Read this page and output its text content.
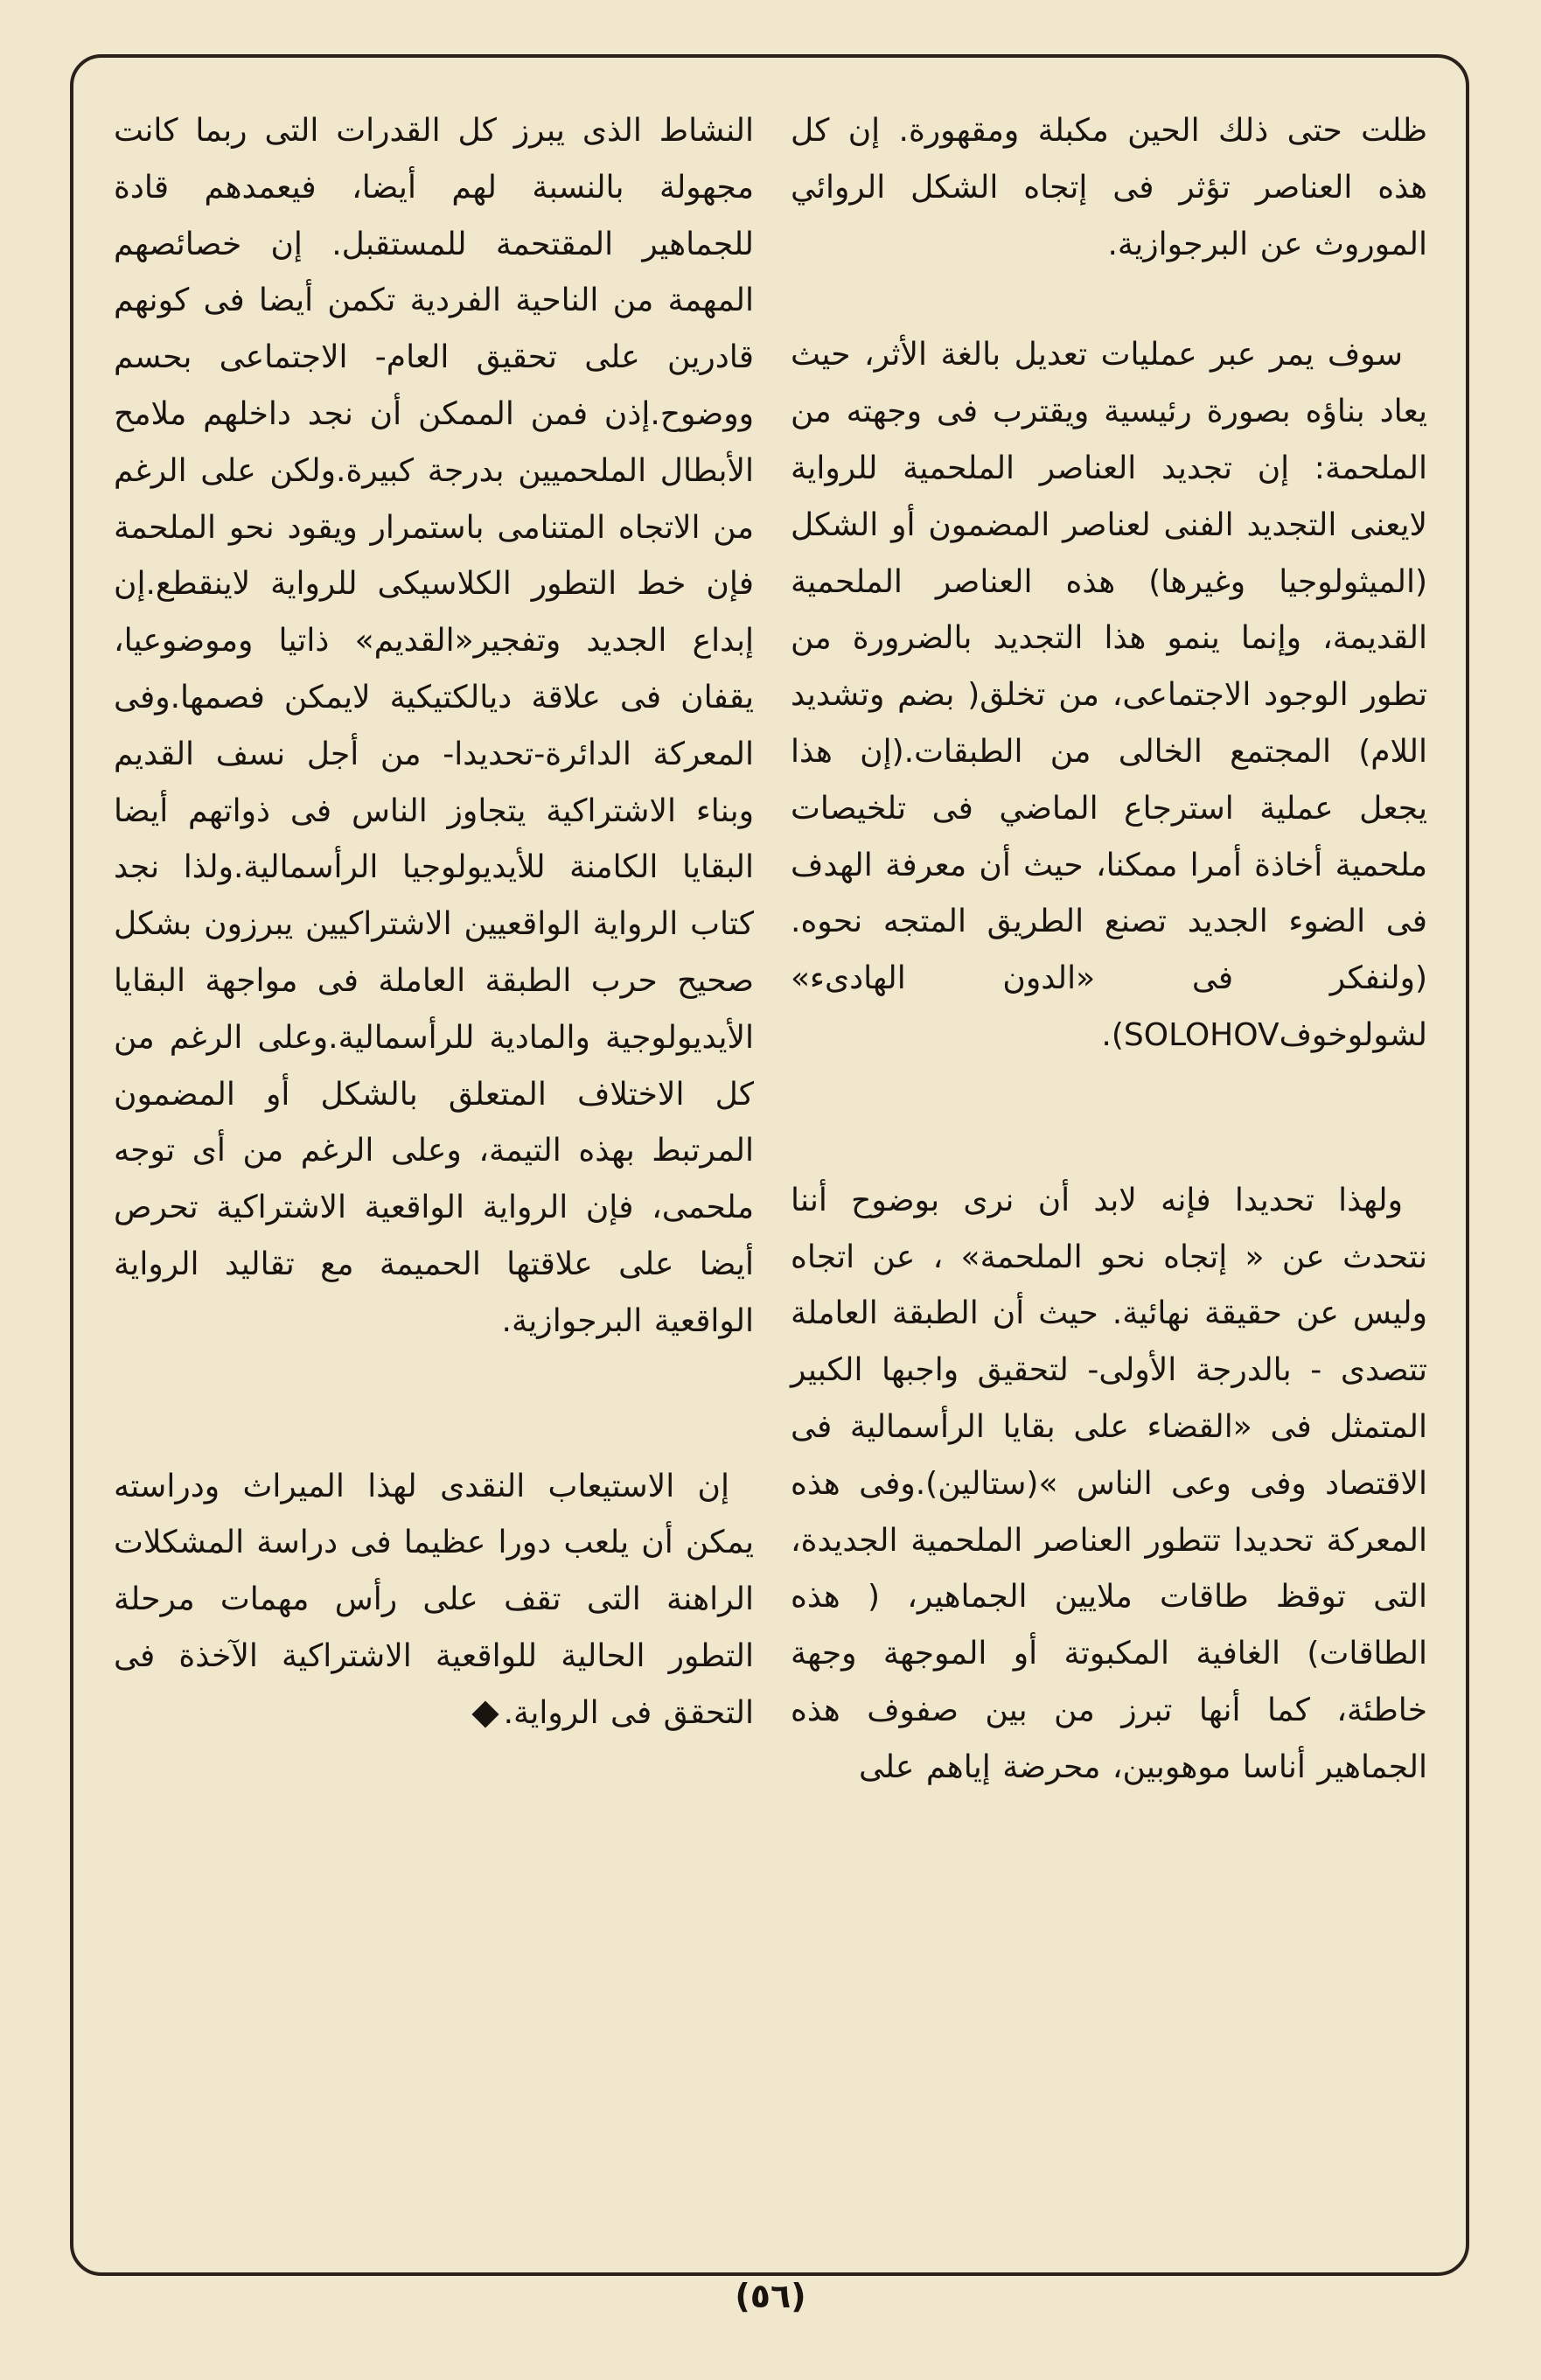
ظلت حتى ذلك الحين مكبلة ومقهورة. إن كل هذه العناصر تؤثر فى إتجاه الشكل الروائي الموروث عن البرجوازية.

سوف يمر عبر عمليات تعديل بالغة الأثر، حيث يعاد بناؤه بصورة رئيسية ويقترب فى وجهته من الملحمة: إن تجديد العناصر الملحمية للرواية لايعنى التجديد الفنى لعناصر المضمون أو الشكل (الميثولوجيا وغيرها) هذه العناصر الملحمية القديمة، وإنما ينمو هذا التجديد بالضرورة من تطور الوجود الاجتماعى، من تخلق( بضم وتشديد اللام) المجتمع الخالى من الطبقات.(إن هذا يجعل عملية استرجاع الماضي فى تلخيصات ملحمية أخاذة أمرا ممكنا، حيث أن معرفة الهدف فى الضوء الجديد تصنع الطريق المتجه نحوه.(ولنفكر فى «الدون الهادىء» لشولوخوفSOLOHOV).

ولهذا تحديدا فإنه لابد أن نرى بوضوح أننا نتحدث عن « إتجاه نحو الملحمة» ، عن اتجاه وليس عن حقيقة نهائية. حيث أن الطبقة العاملة تتصدى - بالدرجة الأولى- لتحقيق واجبها الكبير المتمثل فى «القضاء على بقايا الرأسمالية فى الاقتصاد وفى وعى الناس »(ستالين).وفى هذه المعركة تحديدا تتطور العناصر الملحمية الجديدة، التى توقظ طاقات ملايين الجماهير، ( هذه الطاقات) الغافية المكبوتة أو الموجهة وجهة خاطئة، كما أنها تبرز من بين صفوف هذه الجماهير أناسا موهوبين، محرضة إياهم على

النشاط الذى يبرز كل القدرات التى ربما كانت مجهولة بالنسبة لهم أيضا، فيعمدهم قادة للجماهير المقتحمة للمستقبل. إن خصائصهم المهمة من الناحية الفردية تكمن أيضا فى كونهم قادرين على تحقيق العام- الاجتماعى بحسم ووضوح.إذن فمن الممكن أن نجد داخلهم ملامح الأبطال الملحميين بدرجة كبيرة.ولكن على الرغم من الاتجاه المتنامى باستمرار ويقود نحو الملحمة فإن خط التطور الكلاسيكى للرواية لاينقطع.إن إبداع الجديد وتفجير«القديم» ذاتيا وموضوعيا، يقفان فى علاقة ديالكتيكية لايمكن فصمها.وفى المعركة الدائرة-تحديدا- من أجل نسف القديم وبناء الاشتراكية يتجاوز الناس فى ذواتهم أيضا البقايا الكامنة للأيديولوجيا الرأسمالية.ولذا نجد كتاب الرواية الواقعيين الاشتراكيين يبرزون بشكل صحيح حرب الطبقة العاملة فى مواجهة البقايا الأيديولوجية والمادية للرأسمالية.وعلى الرغم من كل الاختلاف المتعلق بالشكل أو المضمون المرتبط بهذه التيمة، وعلى الرغم من أى توجه ملحمى، فإن الرواية الواقعية الاشتراكية تحرص أيضا على علاقتها الحميمة مع تقاليد الرواية الواقعية البرجوازية.

إن الاستيعاب النقدى لهذا الميراث ودراسته يمكن أن يلعب دورا عظيما فى دراسة المشكلات الراهنة التى تقف على رأس مهمات مرحلة التطور الحالية للواقعية الاشتراكية الآخذة فى التحقق فى الرواية.

(٥٦)
